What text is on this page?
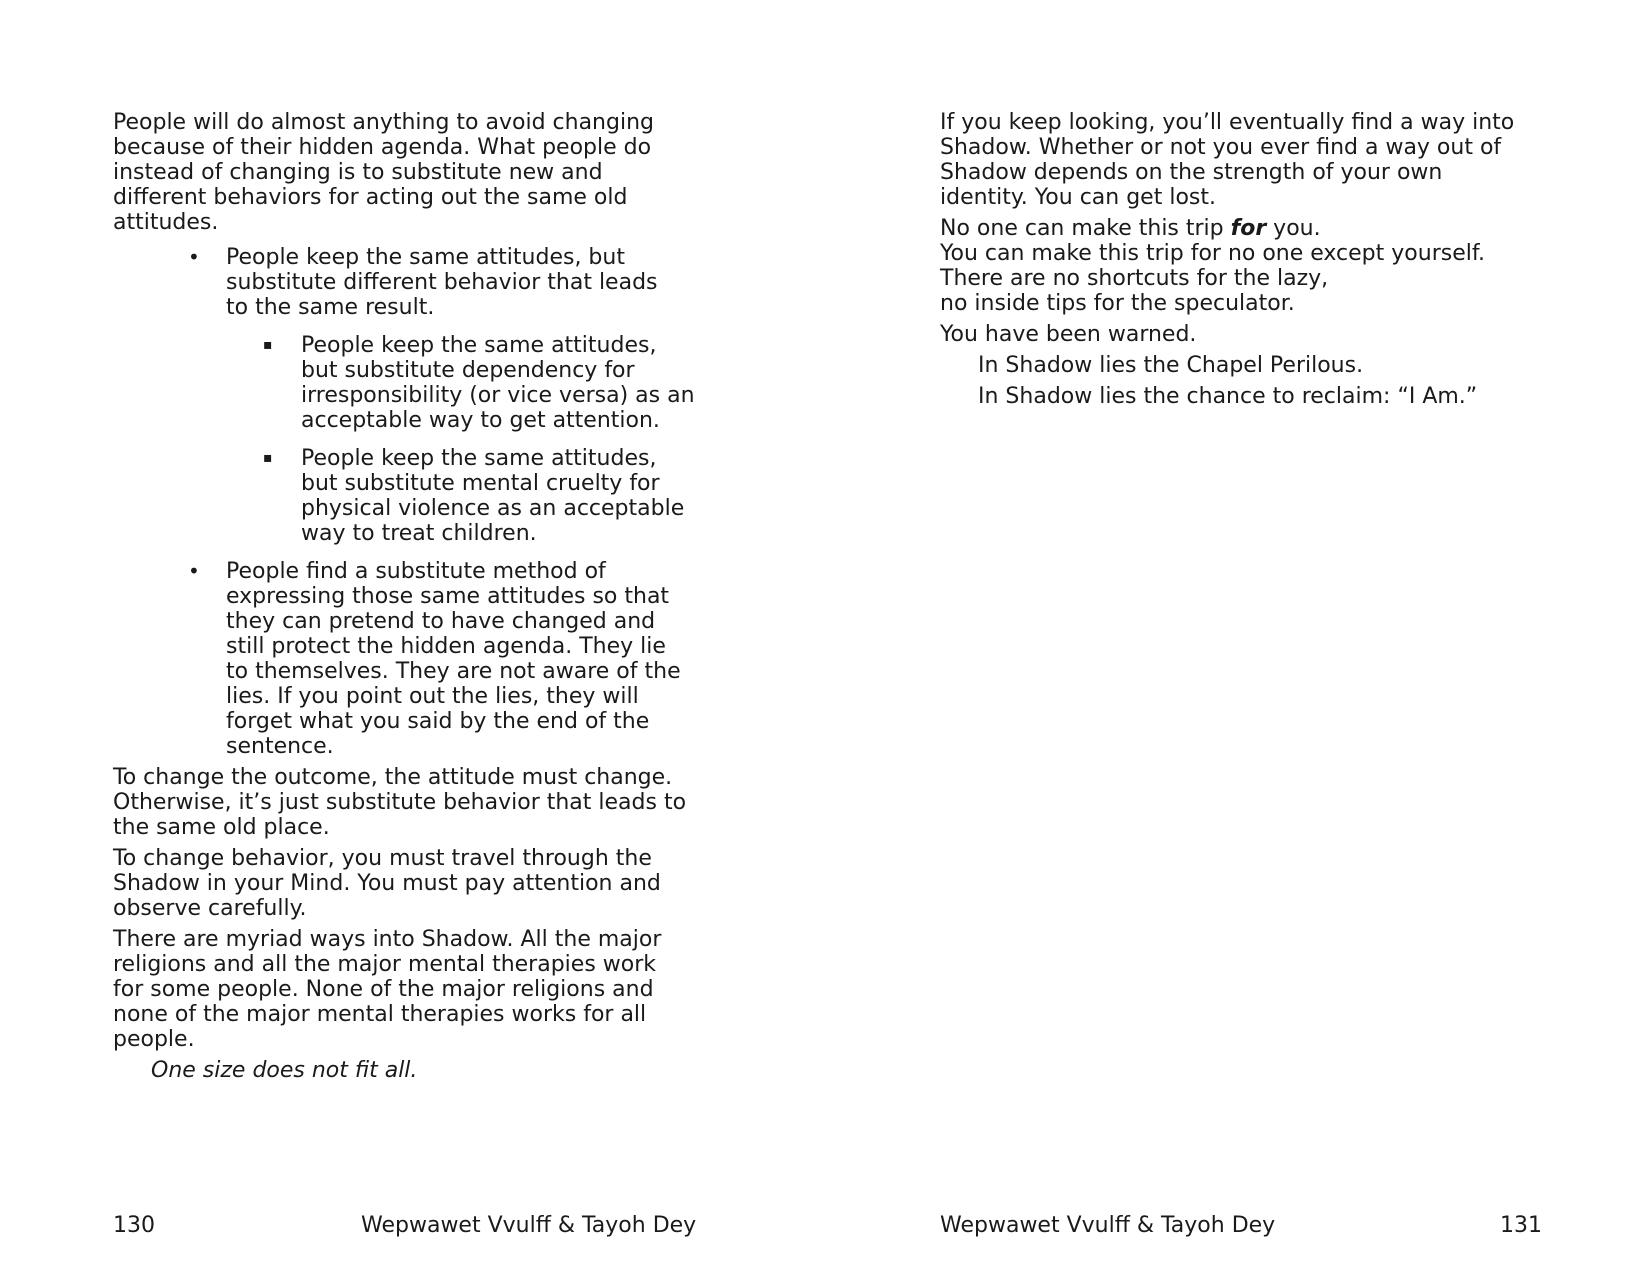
People will do almost anything to avoid changing because of their hidden agenda. What people do instead of changing is to substitute new and different behaviors for acting out the same old attitudes.

• People keep the same attitudes, but substitute different behavior that leads to the same result.

▪ People keep the same attitudes, but substitute dependency for irresponsibility (or vice versa) as an acceptable way to get attention.

▪ People keep the same attitudes, but substitute mental cruelty for physical violence as an acceptable way to treat children.

• People find a substitute method of expressing those same attitudes so that they can pretend to have changed and still protect the hidden agenda. They lie to themselves. They are not aware of the lies. If you point out the lies, they will forget what you said by the end of the sentence.

To change the outcome, the attitude must change. Otherwise, it’s just substitute behavior that leads to the same old place.

To change behavior, you must travel through the Shadow in your Mind. You must pay attention and observe carefully.

There are myriad ways into Shadow. All the major religions and all the major mental therapies work for some people. None of the major religions and none of the major mental therapies works for all people.

One size does not fit all.

130	Wepwawet Vvulff & Tayoh Dey

If you keep looking, you’ll eventually find a way into Shadow. Whether or not you ever find a way out of Shadow depends on the strength of your own identity. You can get lost.

No one can make this trip for you.

You can make this trip for no one except yourself.

There are no shortcuts for the lazy,

no inside tips for the speculator.

You have been warned.

In Shadow lies the Chapel Perilous.

In Shadow lies the chance to reclaim: “I Am.”

Wepwawet Vvulff & Tayoh Dey	131
